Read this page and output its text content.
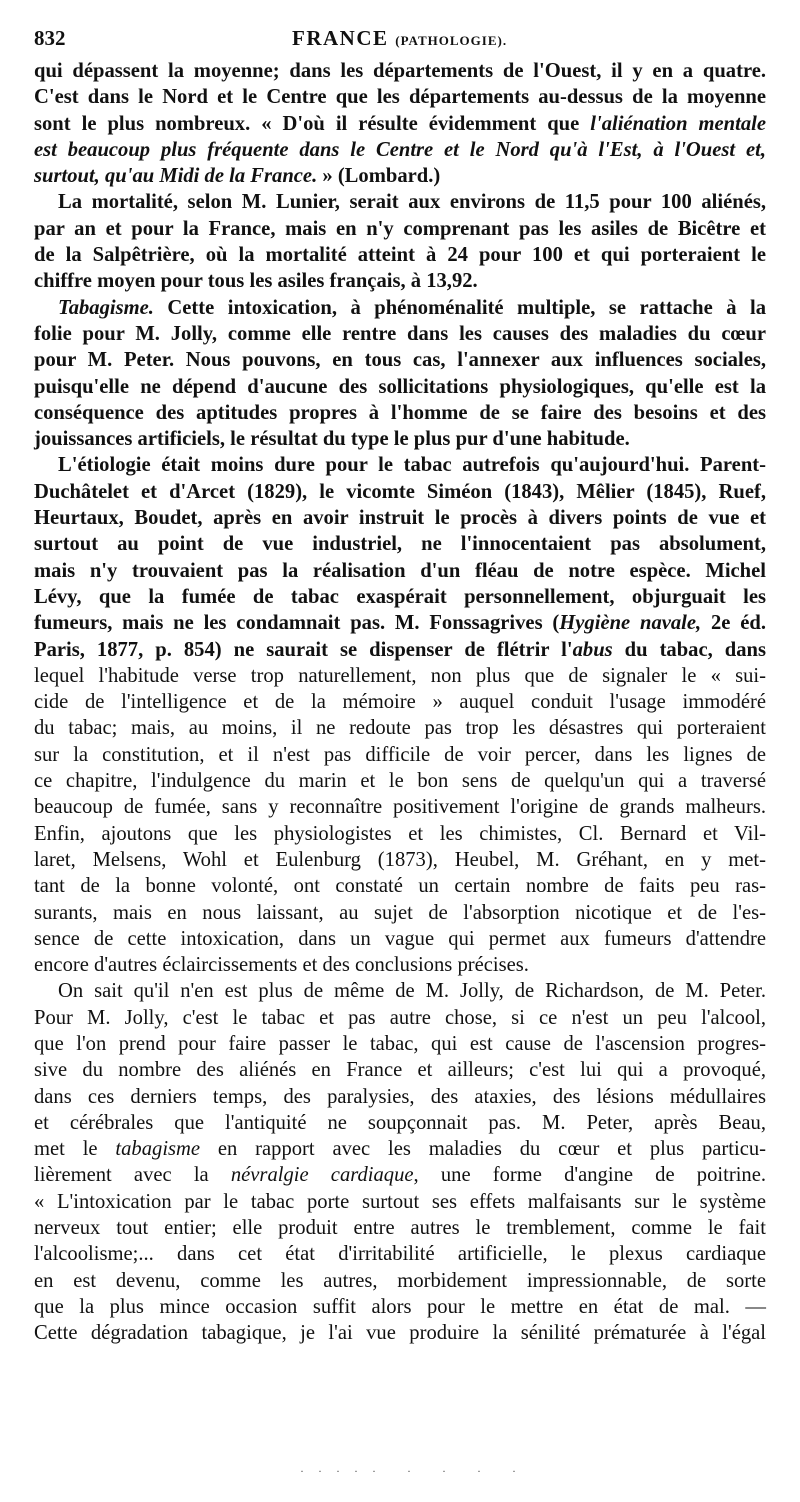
832	FRANCE (PATHOLOGIE).
qui dépassent la moyenne; dans les départements de l'Ouest, il y en a quatre.
C'est dans le Nord et le Centre que les départements au-dessus de la moyenne
sont le plus nombreux. « D'où il résulte évidemment que l'aliénation mentale
est beaucoup plus fréquente dans le Centre et le Nord qu'à l'Est, à l'Ouest et,
surtout, qu'au Midi de la France. » (Lombard.)
La mortalité, selon M. Lunier, serait aux environs de 11,5 pour 100 aliénés,
par an et pour la France, mais en n'y comprenant pas les asiles de Bicêtre et
de la Salpêtrière, où la mortalité atteint à 24 pour 100 et qui porteraient le
chiffre moyen pour tous les asiles français, à 13,92.
Tabagisme. Cette intoxication, à phénoménalité multiple, se rattache à la
folie pour M. Jolly, comme elle rentre dans les causes des maladies du cœur
pour M. Peter. Nous pouvons, en tous cas, l'annexer aux influences sociales,
puisqu'elle ne dépend d'aucune des sollicitations physiologiques, qu'elle est la
conséquence des aptitudes propres à l'homme de se faire des besoins et des
jouissances artificiels, le résultat du type le plus pur d'une habitude.
L'étiologie était moins dure pour le tabac autrefois qu'aujourd'hui. Parent-
Duchâtelet et d'Arcet (1829), le vicomte Siméon (1843), Mêlier (1845), Ruef,
Heurtaux, Boudet, après en avoir instruit le procès à divers points de vue et
surtout au point de vue industriel, ne l'innocentaient pas absolument,
mais n'y trouvaient pas la réalisation d'un fléau de notre espèce. Michel
Lévy, que la fumée de tabac exaspérait personnellement, objurguait les
fumeurs, mais ne les condamnait pas. M. Fonssagrives (Hygiène navale, 2e éd.
Paris, 1877, p. 854) ne saurait se dispenser de flétrir l'abus du tabac, dans
lequel l'habitude verse trop naturellement, non plus que de signaler le « sui-
cide de l'intelligence et de la mémoire » auquel conduit l'usage immodéré
du tabac; mais, au moins, il ne redoute pas trop les désastres qui porteraient
sur la constitution, et il n'est pas difficile de voir percer, dans les lignes de
ce chapitre, l'indulgence du marin et le bon sens de quelqu'un qui a traversé
beaucoup de fumée, sans y reconnaître positivement l'origine de grands malheurs.
Enfin, ajoutons que les physiologistes et les chimistes, Cl. Bernard et Vil-
laret, Melsens, Wohl et Eulenburg (1873), Heubel, M. Gréhant, en y met-
tant de la bonne volonté, ont constaté un certain nombre de faits peu ras-
surants, mais en nous laissant, au sujet de l'absorption nicotique et de l'es-
sence de cette intoxication, dans un vague qui permet aux fumeurs d'attendre
encore d'autres éclaircissements et des conclusions précises.
On sait qu'il n'en est plus de même de M. Jolly, de Richardson, de M. Peter.
Pour M. Jolly, c'est le tabac et pas autre chose, si ce n'est un peu l'alcool,
que l'on prend pour faire passer le tabac, qui est cause de l'ascension progres-
sive du nombre des aliénés en France et ailleurs; c'est lui qui a provoqué,
dans ces derniers temps, des paralysies, des ataxies, des lésions médullaires
et cérébrales que l'antiquité ne soupçonnait pas. M. Peter, après Beau,
met le tabagisme en rapport avec les maladies du cœur et plus particu-
lièrement avec la névralgie cardiaque, une forme d'angine de poitrine.
« L'intoxication par le tabac porte surtout ses effets malfaisants sur le système
nerveux tout entier; elle produit entre autres le tremblement, comme le fait
l'alcoolisme;... dans cet état d'irritabilité artificielle, le plexus cardiaque
en est devenu, comme les autres, morbidement impressionnable, de sorte
que la plus mince occasion suffit alors pour le mettre en état de mal. —
Cette dégradation tabagique, je l'ai vue produire la sénilité prématurée à l'égal
····· · · · ·
